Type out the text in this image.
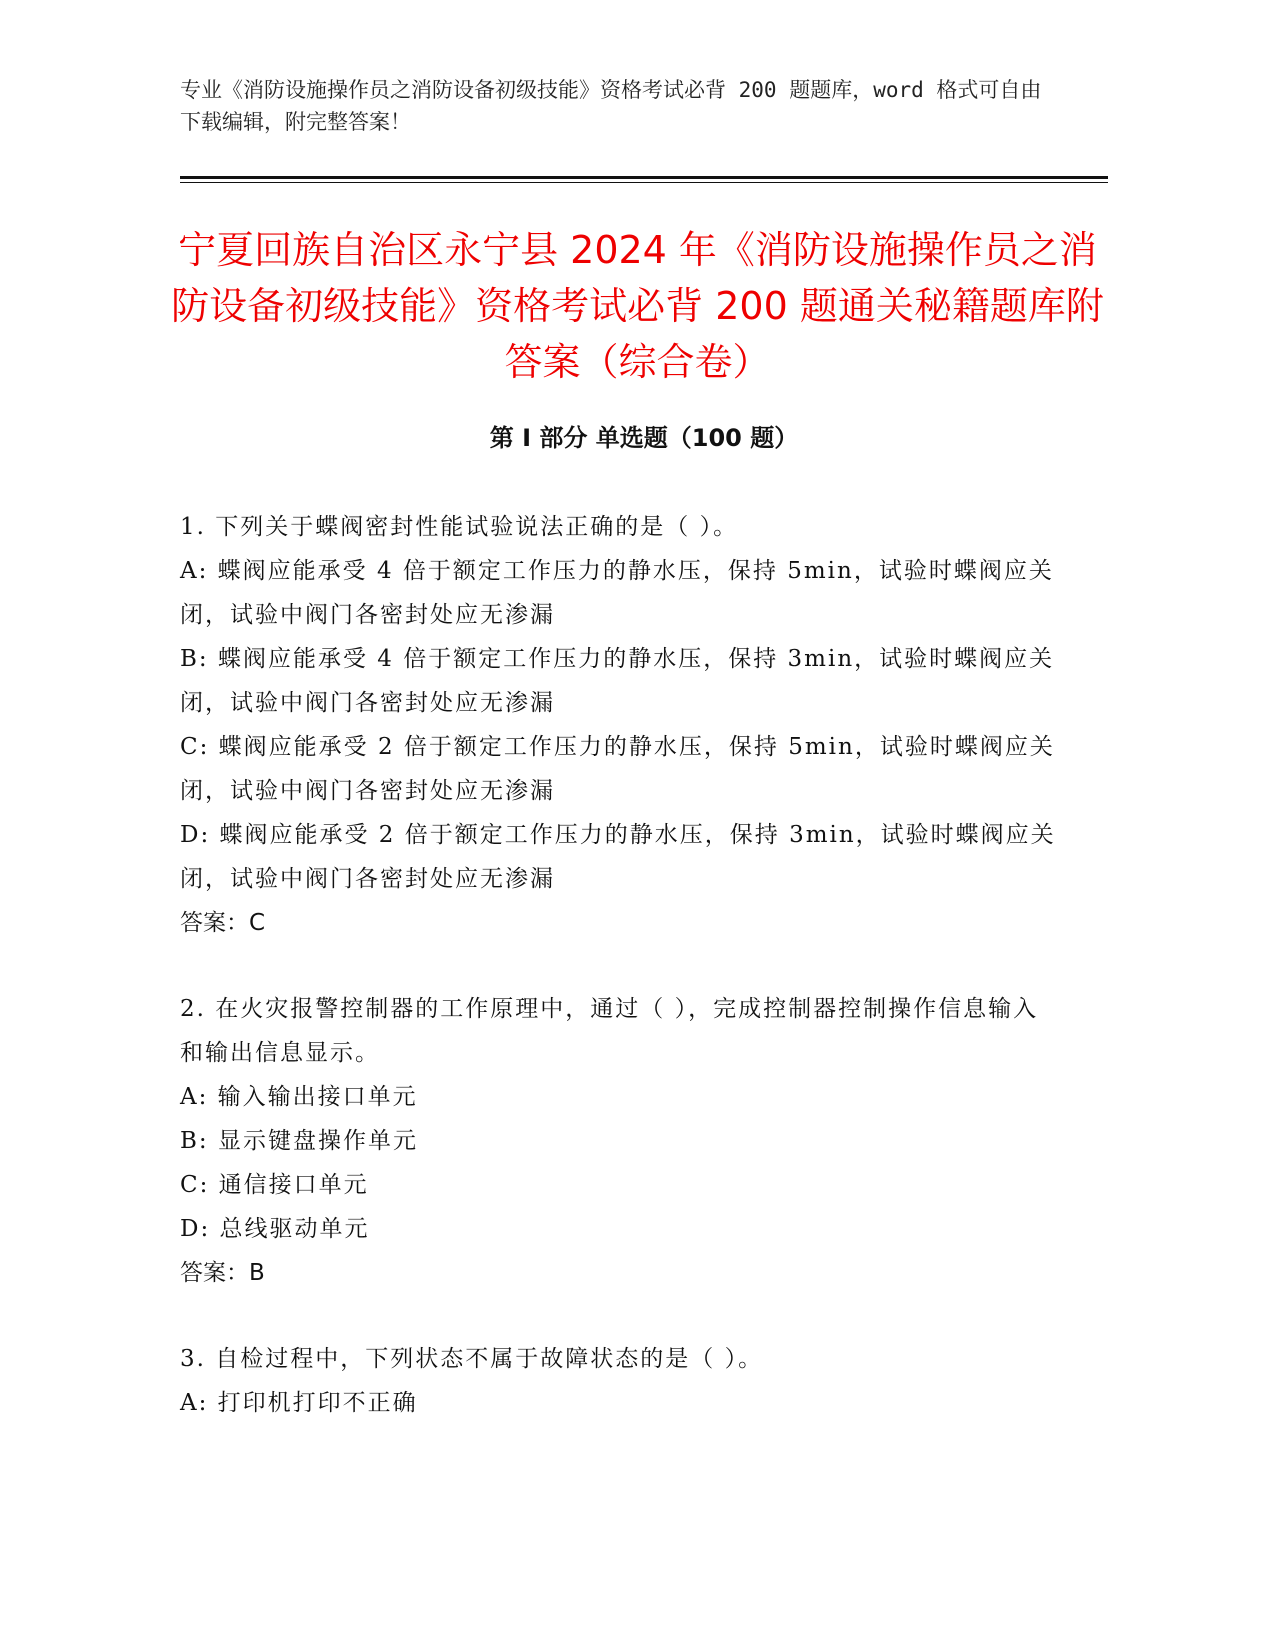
专业《消防设施操作员之消防设备初级技能》资格考试必背 200 题题库，word 格式可自由下载编辑，附完整答案！
宁夏回族自治区永宁县 2024 年《消防设施操作员之消防设备初级技能》资格考试必背 200 题通关秘籍题库附答案（综合卷）
第 I 部分 单选题（100 题）

1. 下列关于蝶阀密封性能试验说法正确的是（ ）。

A: 蝶阀应能承受 4 倍于额定工作压力的静水压，保持 5min，试验时蝶阀应关闭，试验中阀门各密封处应无渗漏

B: 蝶阀应能承受 4 倍于额定工作压力的静水压，保持 3min，试验时蝶阀应关闭，试验中阀门各密封处应无渗漏

C: 蝶阀应能承受 2 倍于额定工作压力的静水压，保持 5min，试验时蝶阀应关闭，试验中阀门各密封处应无渗漏

D: 蝶阀应能承受 2 倍于额定工作压力的静水压，保持 3min，试验时蝶阀应关闭，试验中阀门各密封处应无渗漏

答案：C

2. 在火灾报警控制器的工作原理中，通过（ ），完成控制器控制操作信息输入和输出信息显示。

A: 输入输出接口单元

B: 显示键盘操作单元

C: 通信接口单元

D: 总线驱动单元

答案：B

3. 自检过程中，下列状态不属于故障状态的是（ ）。

A: 打印机打印不正确
